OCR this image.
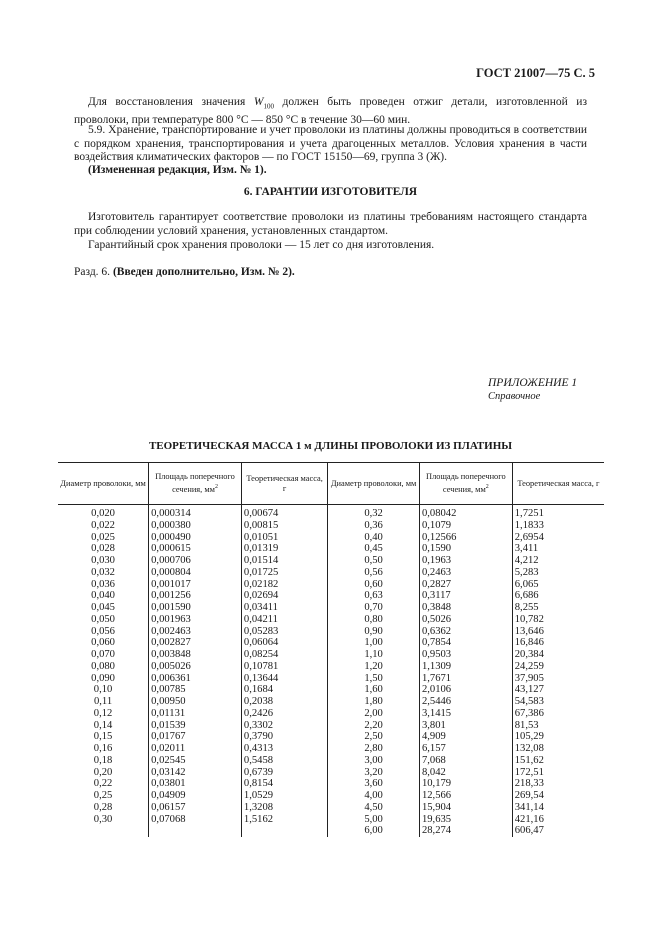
ГОСТ 21007—75 С. 5

Для восстановления значения $W_{100}$ должен быть проведен отжиг детали, изготовленной из проволоки, при температуре 800 °С — 850 °С в течение 30—60 мин.

5.9. Хранение, транспортирование и учет проволоки из платины должны проводиться в соответствии с порядком хранения, транспортирования и учета драгоценных металлов. Условия хранения в части воздействия климатических факторов — по ГОСТ 15150—69, группа 3 (Ж).

(Измененная редакция, Изм. № 1).

6. ГАРАНТИИ ИЗГОТОВИТЕЛЯ

Изготовитель гарантирует соответствие проволоки из платины требованиям настоящего стандарта при соблюдении условий хранения, установленных стандартом.

Гарантийный срок хранения проволоки — 15 лет со дня изготовления.

Разд. 6. (Введен дополнительно, Изм. № 2).

ПРИЛОЖЕНИЕ 1
Справочное
ТЕОРЕТИЧЕСКАЯ МАССА 1 м ДЛИНЫ ПРОВОЛОКИ ИЗ ПЛАТИНЫ
Диаметр проволоки, мм	Площадь поперечного сечения, $мм^2$	Теоретическая масса, г	Диаметр проволоки, мм	Площадь поперечного сечения, $мм^2$	Теоретическая масса, г
0,020	0,000314	0,00674	0,32	0,08042	1,7251
0,022	0,000380	0,00815	0,36	0,1079	1,1833
0,025	0,000490	0,01051	0,40	0,12566	2,6954
0,028	0,000615	0,01319	0,45	0,1590	3,411
0,030	0,000706	0,01514	0,50	0,1963	4,212
0,032	0,000804	0,01725	0,56	0,2463	5,283
0,036	0,001017	0,02182	0,60	0,2827	6,065
0,040	0,001256	0,02694	0,63	0,3117	6,686
0,045	0,001590	0,03411	0,70	0,3848	8,255
0,050	0,001963	0,04211	0,80	0,5026	10,782
0,056	0,002463	0,05283	0,90	0,6362	13,646
0,060	0,002827	0,06064	1,00	0,7854	16,846
0,070	0,003848	0,08254	1,10	0,9503	20,384
0,080	0,005026	0,10781	1,20	1,1309	24,259
0,090	0,006361	0,13644	1,50	1,7671	37,905
0,10	0,00785	0,1684	1,60	2,0106	43,127
0,11	0,00950	0,2038	1,80	2,5446	54,583
0,12	0,01131	0,2426	2,00	3,1415	67,386
0,14	0,01539	0,3302	2,20	3,801	81,53
0,15	0,01767	0,3790	2,50	4,909	105,29
0,16	0,02011	0,4313	2,80	6,157	132,08
0,18	0,02545	0,5458	3,00	7,068	151,62
0,20	0,03142	0,6739	3,20	8,042	172,51
0,22	0,03801	0,8154	3,60	10,179	218,33
0,25	0,04909	1,0529	4,00	12,566	269,54
0,28	0,06157	1,3208	4,50	15,904	341,14
0,30	0,07068	1,5162	5,00	19,635	421,16
			6,00	28,274	606,47
